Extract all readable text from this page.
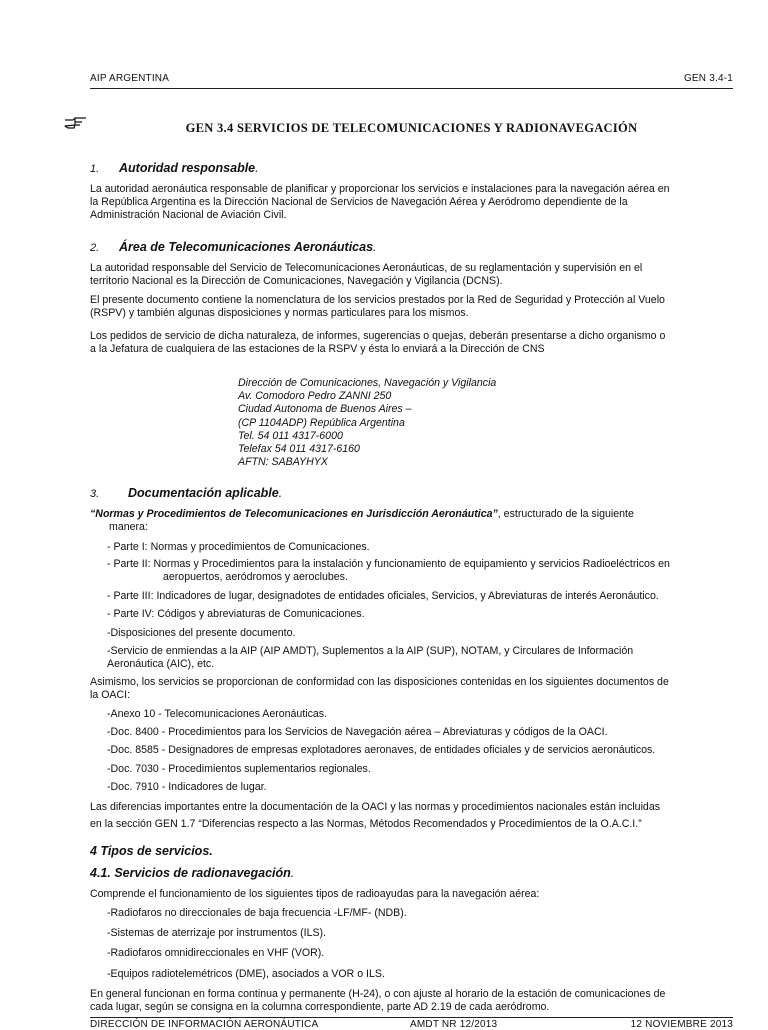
AIP ARGENTINA	GEN 3.4-1
GEN 3.4 SERVICIOS DE TELECOMUNICACIONES Y RADIONAVEGACIÓN
1. Autoridad responsable.
La autoridad aeronáutica responsable de planificar y proporcionar los servicios e instalaciones para la navegación aérea en
la República Argentina es la Dirección Nacional de Servicios de Navegación Aérea y Aeródromo dependiente de la
Administración Nacional de Aviación Civil.
2. Área de Telecomunicaciones Aeronáuticas.
La autoridad responsable del Servicio de Telecomunicaciones Aeronáuticas, de su reglamentación y supervisión en el
territorio Nacional es la Dirección de Comunicaciones, Navegación y Vigilancia (DCNS).
El presente documento contiene la nomenclatura de los servicios prestados por la Red de Seguridad y Protección al Vuelo
(RSPV) y también algunas disposiciones y normas particulares para los mismos.
Los pedidos de servicio de dicha naturaleza, de informes, sugerencias o quejas, deberán presentarse a dicho organismo o
a la Jefatura de cualquiera de las estaciones de la RSPV y ésta lo enviará a la Dirección de CNS
Dirección de Comunicaciones, Navegación y Vigilancia
Av. Comodoro Pedro ZANNI 250
Ciudad Autonoma de Buenos Aires –
(CP 1104ADP) República Argentina
Tel. 54 011 4317-6000
Telefax 54 011 4317-6160
AFTN: SABAYHYX
3. Documentación aplicable.
“Normas y Procedimientos de Telecomunicaciones en Jurisdicción Aeronáutica”, estructurado de la siguiente
manera:
- Parte I: Normas y procedimientos de Comunicaciones.
- Parte II: Normas y Procedimientos para la instalación y funcionamiento de equipamiento y servicios Radioeléctricos en
aeropuertos, aeródromos y aeroclubes.
- Parte III: Indicadores de lugar, designadotes de entidades oficiales, Servicios, y Abreviaturas de interés Aeronáutico.
- Parte IV: Códigos y abreviaturas de Comunicaciones.
-Disposiciones del presente documento.
-Servicio de enmiendas a la AIP (AIP AMDT), Suplementos a la AIP (SUP), NOTAM, y Circulares de Información
Aeronáutica (AIC), etc.
Asimismo, los servicios se proporcionan de conformidad con las disposiciones contenidas en los siguientes documentos de
la OACI:
-Anexo 10 - Telecomunicaciones Aeronáuticas.
-Doc. 8400 - Procedimientos para los Servicios de Navegación aérea – Abreviaturas y códigos de la OACI.
-Doc. 8585 - Designadores de empresas explotadores aeronaves, de entidades oficiales y de servicios aeronáuticos.
-Doc. 7030 - Procedimientos suplementarios regionales.
-Doc. 7910 - Indicadores de lugar.
Las diferencias importantes entre la documentación de la OACI y las normas y procedimientos nacionales están incluidas
en la sección GEN 1.7 “Diferencias respecto a las Normas, Métodos Recomendados y Procedimientos de la O.A.C.I.”
4 Tipos de servicios.
4.1. Servicios de radionavegación.
Comprende el funcionamiento de los siguientes tipos de radioayudas para la navegación aérea:
-Radiofaros no direccionales de baja frecuencia -LF/MF- (NDB).
-Sistemas de aterrizaje por instrumentos (ILS).
-Radiofaros omnidireccionales en VHF (VOR).
-Equipos radiotelemétricos (DME), asociados a VOR o ILS.
En general funcionan en forma continua y permanente (H-24), o con ajuste al horario de la estación de comunicaciones de
cada lugar, según se consigna en la columna correspondiente, parte AD 2.19 de cada aeródromo.
DIRECCIÓN DE INFORMACIÓN AERONÁUTICA	AMDT NR 12/2013	12 NOVIEMBRE 2013
